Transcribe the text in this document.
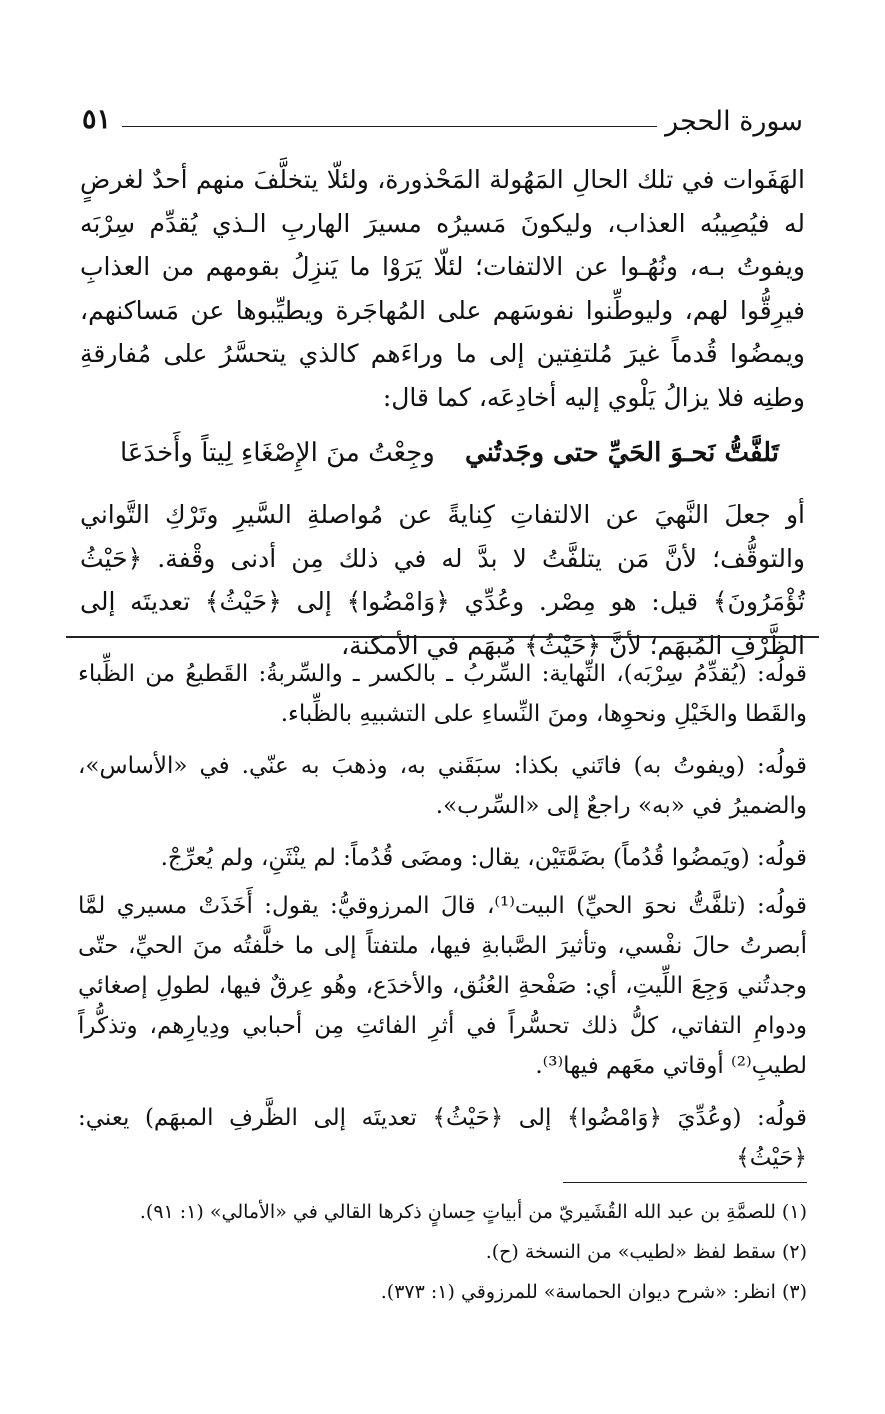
سورة الحجر
٥١

الهَفَوات في تلك الحالِ المَهُولة المَحْذورة، ولئلّا يتخلَّفَ منهم أحدٌ لغرضٍ له فيُصِيبُه العذاب، وليكونَ مَسيرُه مسيرَ الهاربِ الـذي يُقدِّم سِرْبَه ويفوتُ بـه، ونُهُـوا عن الالتفات؛ لئلّا يَرَوْا ما يَنزِلُ بقومهم من العذابِ فيرِقُّوا لهم، وليوطِّنوا نفوسَهم على المُهاجَرة ويطيِّبوها عن مَساكنهم، ويمضُوا قُدماً غيرَ مُلتفِتين إلى ما وراءَهم كالذي يتحسَّرُ على مُفارقةِ وطنِه فلا يزالُ يَلْوي إليه أخادِعَه، كما قال:

تَلفَّتُّ نَحـوَ الحَيِّ حتى وجَدتُني
وجِعْتُ منَ الإِصْغَاءِ لِيتاً وأَخدَعَا

أو جعلَ النَّهيَ عن الالتفاتِ كِنايةً عن مُواصلةِ السَّيرِ وتَرْكِ التَّواني والتوقُّف؛ لأنَّ مَن يتلفَّتُ لا بدَّ له في ذلك مِن أدنى وقْفة. ﴿حَيْثُ تُؤْمَرُونَ﴾ قيل: هو مِصْر. وعُدِّي ﴿وَامْضُوا﴾ إلى ﴿حَيْثُ﴾ تعديتَه إلى الظَّرْفِ المُبهَم؛ لأنَّ ﴿حَيْثُ﴾ مُبهَم في الأمكنة،

قولُه: (يُقدِّمُ سِرْبَه)، النِّهاية: السِّربُ ـ بالكسر ـ والسِّربةُ: القَطيعُ من الظِّباء والقَطا والخَيْلِ ونحوِها، ومنَ النِّساءِ على التشبيهِ بالظِّباء.

قولُه: (ويفوتُ به) فاتَني بكذا: سبَقَني به، وذهبَ به عنّي. في «الأساس»، والضميرُ في «به» راجعٌ إلى «السِّرب».

قولُه: (ويَمضُوا قُدُماً) بضَمَّتَيْن، يقال: ومضَى قُدُماً: لم ينْثَنِ، ولم يُعرِّجْ.

قولُه: (تلفَّتُّ نحوَ الحيِّ) البيت⁽¹⁾، قالَ المرزوقيُّ: يقول: أَخَذَتْ مسيري لمَّا أبصرتُ حالَ نفْسي، وتأثيرَ الصَّبابةِ فيها، ملتفتاً إلى ما خلَّفتُه منَ الحيِّ، حتّى وجدتُني وَجِعَ اللِّيتِ، أي: صَفْحةِ العُنُق، والأخدَع، وهُو عِرقٌ فيها، لطولِ إصغائي ودوامِ التفاتي، كلُّ ذلك تحسُّراً في أثرِ الفائتِ مِن أحبابي ودِيارِهم، وتذكُّراً لطيبِ⁽²⁾ أوقاتي معَهم فيها⁽³⁾.

قولُه: (وعُدِّيَ ﴿وَامْضُوا﴾ إلى ﴿حَيْثُ﴾ تعديتَه إلى الظَّرفِ المبهَم) يعني: ﴿حَيْثُ﴾

(١) للصمَّةِ بن عبد الله القُشَيريّ من أبياتٍ حِسانٍ ذكرها القالي في «الأمالي» (١: ٩١).

(٢) سقط لفظ «لطيب» من النسخة (ح).

(٣) انظر: «شرح ديوان الحماسة» للمرزوقي (١: ٣٧٣).
